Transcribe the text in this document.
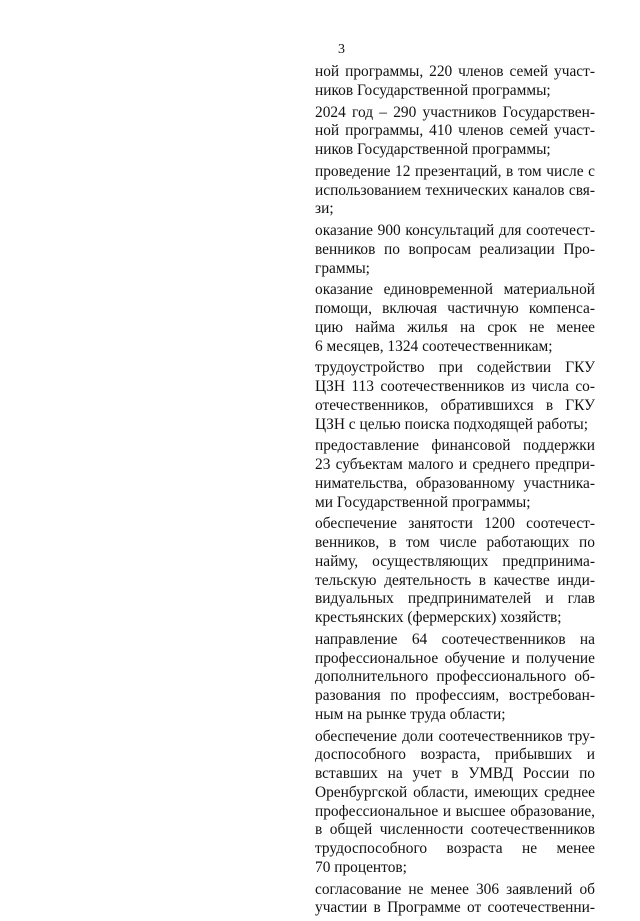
3
ной программы, 220 членов семей участ-
ников Государственной программы;
2024 год – 290 участников Государствен-
ной программы, 410 членов семей участ-
ников Государственной программы;
проведение 12 презентаций, в том числе с
использованием технических каналов свя-
зи;
оказание 900 консультаций для соотечест-
венников по вопросам реализации Про-
граммы;
оказание единовременной материальной
помощи, включая частичную компенса-
цию найма жилья на срок не менее
6 месяцев, 1324 соотечественникам;
трудоустройство при содействии ГКУ
ЦЗН 113 соотечественников из числа со-
отечественников, обратившихся в ГКУ
ЦЗН с целью поиска подходящей работы;
предоставление финансовой поддержки
23 субъектам малого и среднего предпри-
нимательства, образованному участника-
ми Государственной программы;
обеспечение занятости 1200 соотечест-
венников, в том числе работающих по
найму, осуществляющих предпринима-
тельскую деятельность в качестве инди-
видуальных предпринимателей и глав
крестьянских (фермерских) хозяйств;
направление 64 соотечественников на
профессиональное обучение и получение
дополнительного профессионального об-
разования по профессиям, востребован-
ным на рынке труда области;
обеспечение доли соотечественников тру-
доспособного возраста, прибывших и
вставших на учет в УМВД России по
Оренбургской области, имеющих среднее
профессиональное и высшее образование,
в общей численности соотечественников
трудоспособного возраста не менее
70 процентов;
согласование не менее 306 заявлений об
участии в Программе от соотечественни-
